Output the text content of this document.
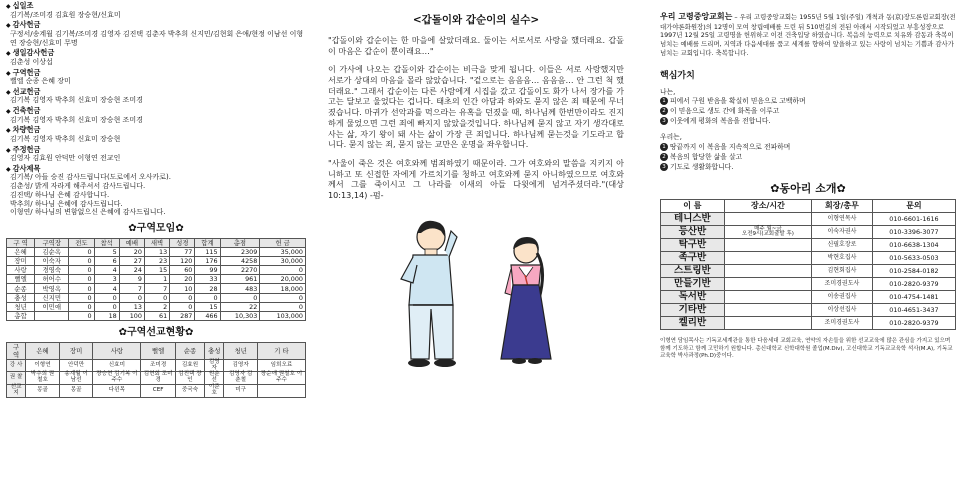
◆ 십일조
김기복/조미경 김효원 장승현/신효미
◆ 감사헌금
구정서/송계월 김기복/조미경 김영자 김진택 김춘자 박추희 신지민/김현회 은애/현정 이남선 이형연 장승현/신효미 무명
◆ 생일감사헌금
김춘성 이상섭
◆ 구역헌금
뻘엘 순종 은혜 장미
◆ 선교헌금
김기복 김영자 박추희 신효미 장승현 조미경
◆ 건축헌금
김기복 김영자 박추희 신효미 장승현 조미경
◆ 차량헌금
김기복 김영자 박추희 신효미 장승현
◆ 주정헌금
김영자 김효원 안덕만 이형연 전교인
◆ 감사제목
김기복/ 아들 승진 감사드립니다(도로에서 오사카로).
김춘성/ 밝게 자라게 해주셔서 감사드립니다.
김진택/ 하나님 은혜 감사합니다.
박추희/ 하나님 은혜에 감사드립니다.
이형연/ 하나님의 변함없으신 은혜에 감사드립니다.
✿구역모임✿
구 역	구역장	전도	참석	예배	새벽	성경	합계	총점	헌 금
은혜	김순옥	0	5	20	13	77	115	2309	35,000
장미	이숙자	0	6	27	23	120	176	4258	30,000
사랑	경영숙	0	4	24	15	60	99	2270	0
뻘엘	허어수	0	3	9	1	20	33	961	20,000
순종	박영옥	0	4	7	7	10	28	483	18,000
충성	신지민	0	0	0	0	0	0	0	0
청년	이민애	0	0	13	2	0	15	22	0
총합		0	18	100	61	287	466	10,303	103,000
✿구역선교현황✿
구 역	은혜	장미	사랑	뻘엘	순종	충성	청년	기 타
강 사	이형연	안덕만	신효미	조미경	김효원	김영자	김영자	임희오료
권 찰	박추희 권철호	송계월 이남선	장승현 김기복 이주수	김현회 조미경	김진택 장인	원춘선	김영자 김춘철	장순애 권철호 이주수
선교지	몽골	몽골	다윈목	CEF	중국숙	이준호	미구	
<갑돌이와 갑순이의 실수>

"갑돌이와 갑순이는 한 마을에 살았더래요. 둘이는 서로서로 사랑을 했더래요. 갑돌이 마음은 갑순이 뿐이래요…"

이 가사에 나오는 갑돌이와 갑순이는 비극을 맞게 됩니다. 이들은 서로 사랑했지만 서로가 상대의 마음을 몰라 않았습니다. "겉으로는 음음음… 음음음… 안 그런 척 했더래요." 그래서 갑순이는 다른 사람에게 시집을 갔고 갑돌이도 화가 나서 장가를 가고는 달보고 울었다는 겁니다. 태초의 인간 아담과 하와도 묻지 않은 죄 때문에 무너졌습니다. 마귀가 선악과를 먹으라는 유혹을 던졌을 때, 하나님께 한번만이라도 진지하게 물었으면 그런 죄에 빠지지 않았을것입니다. 하나님께 묻지 않고 자기 생각대로 사는 삶, 자기 왕이 돼 사는 삶이 가장 큰 죄입니다. 하나님께 묻는것을 기도라고 합니다. 묻지 않는 죄, 묻지 않는 교만은 운명을 좌우합니다.

"사울이 죽은 것은 여호와께 범죄하였기 때문이라. 그가 여호와의 말씀을 지키지 아니하고 또 신접한 자에게 가르치기를 청하고 여호와께 묻지 아니하였으므로 여호와께서 그를 죽이시고 그 나라를 이새의 아들 다윗에게 넘겨주셨더라."(대상 10:13,14) -펌-

우리 고령중앙교회는 – 우리 고령중앙교회는 1955년 5월 1일(주일) 개척과 동(京)장도론림교회장(전 대가야론화원장)의 12명이 모여 창립예배를 드린 뒤 510번길의 전된 아래서 시작되었고 부흥성장으로 1997년 12월 25일 고령명을 헌위하고 이전 건축입당 하였습니다. 복음의 능력으로 치유와 감동과 축복이 넘치는 예배를 드리며, 지역과 다음세대를 품고 세계를 향하여 앞을하고 있는 사랑이 넘치는 기쁨과 감사가 넘치는 교회입니다. 축복합니다.
핵심가치
나는,
1 피에서 구원 받음을 확실히 믿음으로 고백하며
2 이 믿음으로 생도 간에 화목을 이루고
3 이웃에게 평화의 복음을 전합니다.
우리는,
1 땅끝까지 이 복음을 지속적으로 전파하며
2 복음의 합당한 삶을 살고
3 기도로 생활화합니다.
✿동아리 소개✿
이 름	장소/시간	회장/총무	문의
테니스반		이형연목사	010-6601-1616
등산반	매주 월~금
오전9시(교회출발 후)	이숙자권사	010-3396-3077
탁구반		신필호장로	010-6638-1304
족구반		박현호집사	010-5633-0503
스트링반		김현회집사	010-2584-0182
만들기반		조미경권도사	010-2820-9379
독서반		이송권집사	010-4754-1481
기타반		이상선집사	010-4651-3437
켈리반		조미경권도사	010-2820-9379
이형연 담임목사는 기독교세계관을 통한 다음세대 교회교육, 연약의 자손들을 위한 선교교육에 많은 관심을 가지고 있으며 함께 기도하고 함께 고민하기 원합니다. 총신대학교 신학대학원 졸업(M.Div), 고신대학교 기독교교육학 석사(M.A), 기독교교육학 박사과정(Ph.D)중이다.
